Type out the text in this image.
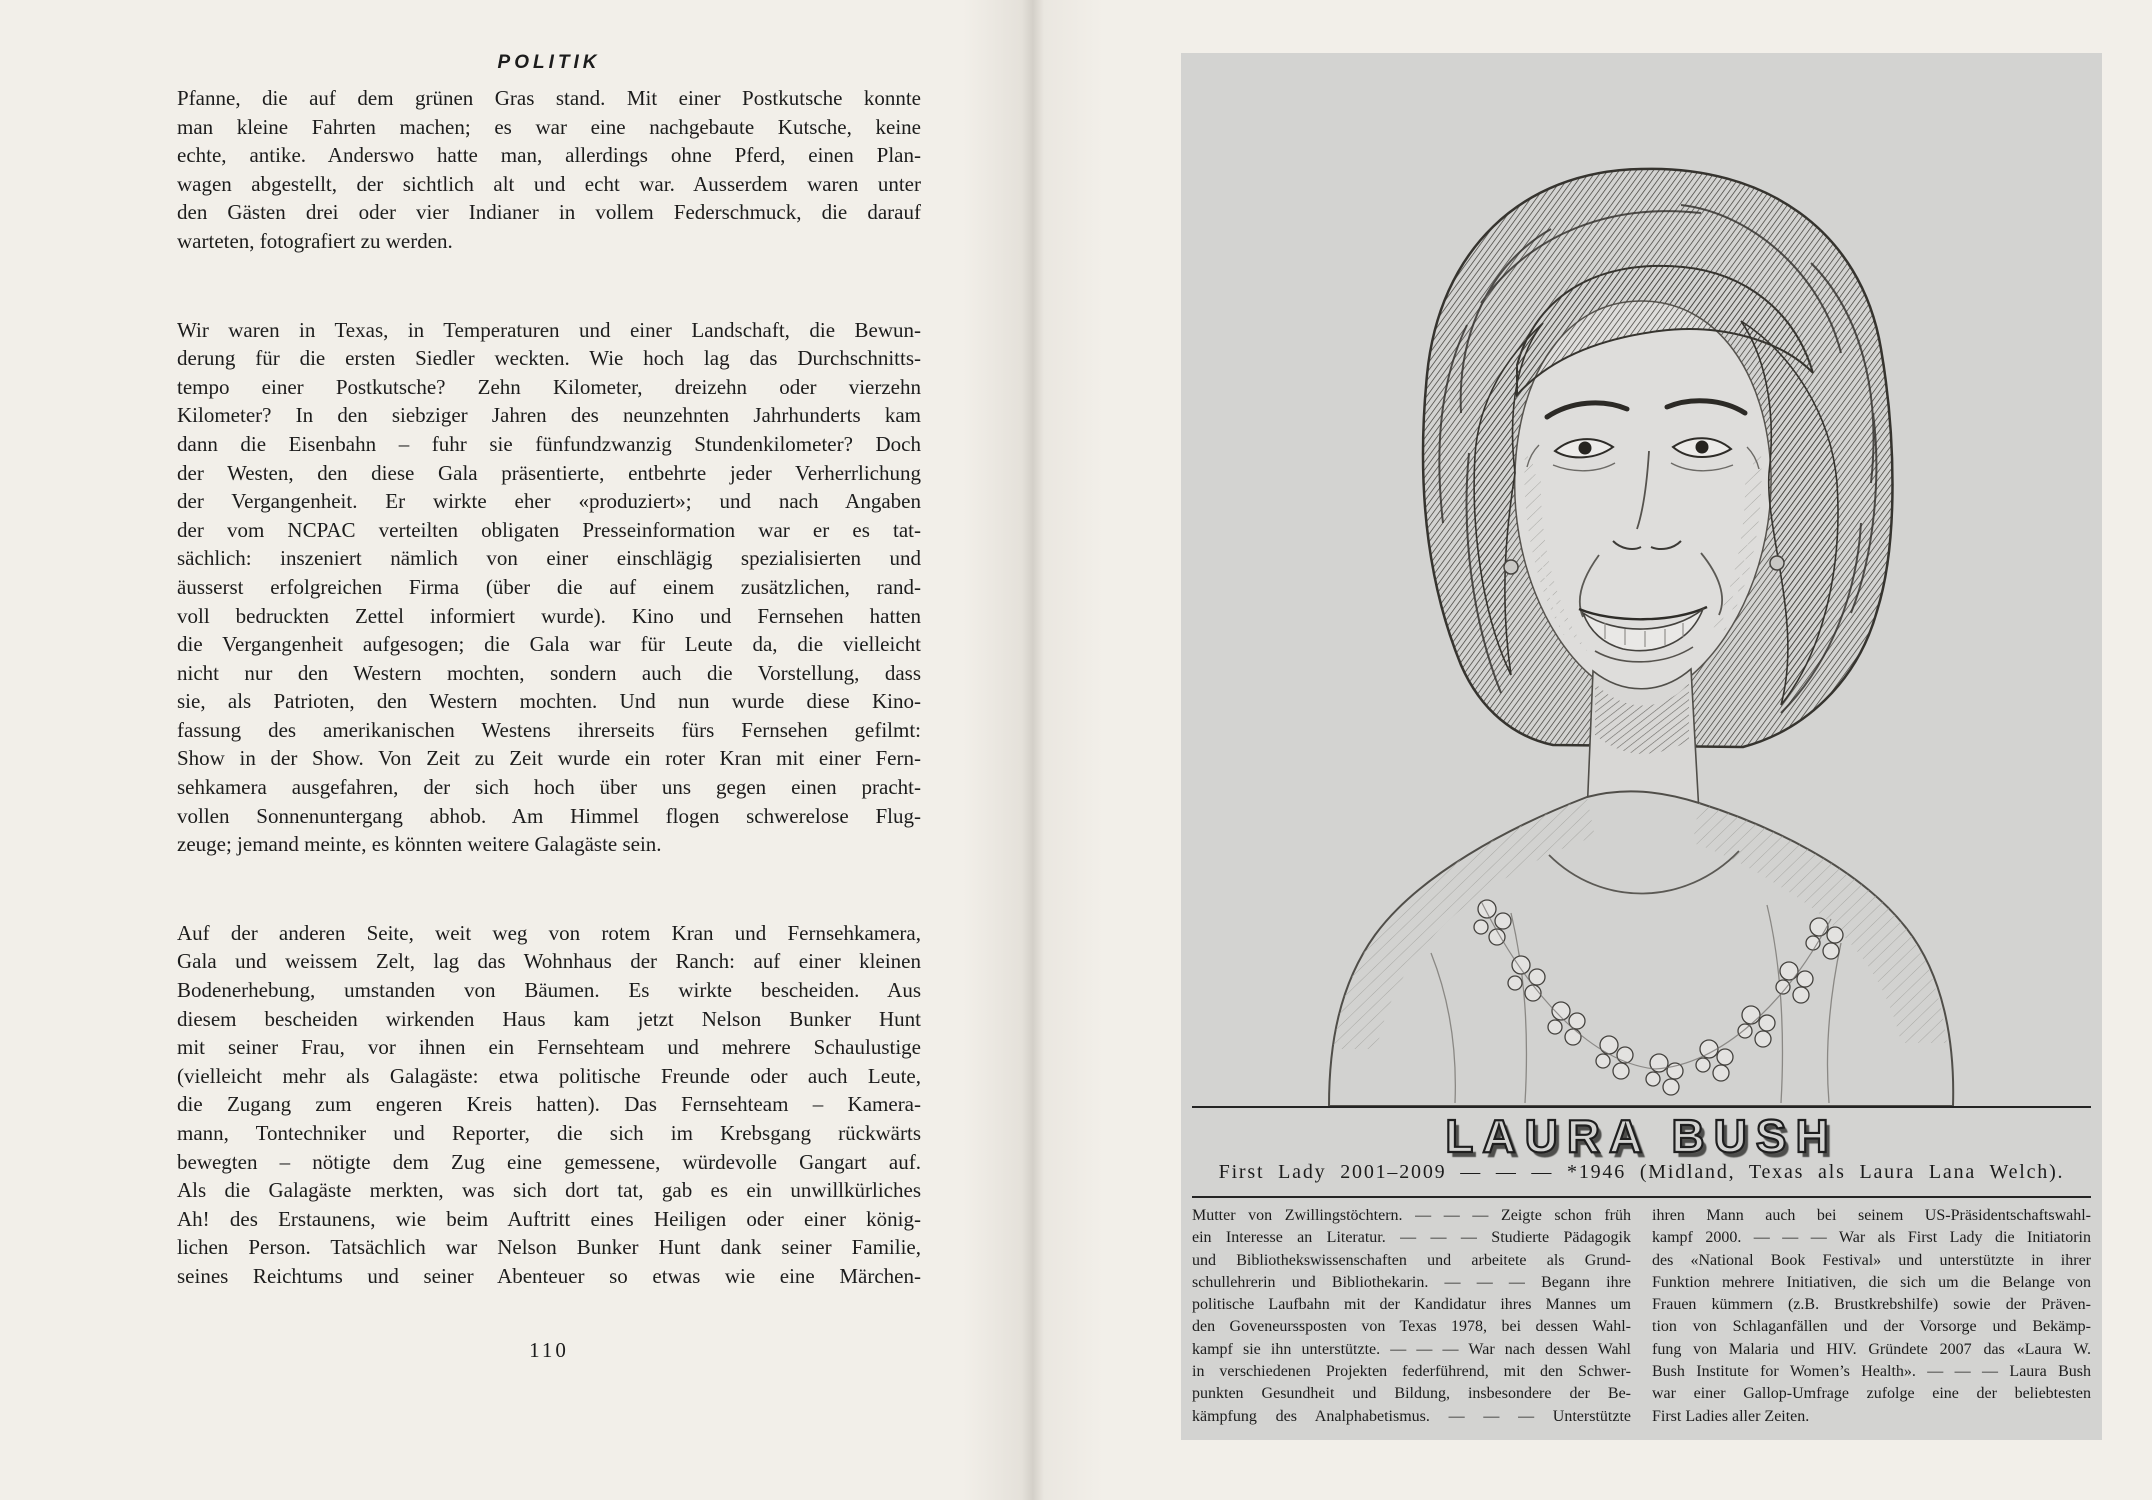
POLITIK
Pfanne, die auf dem grünen Gras stand. Mit einer Postkutsche konnte
man kleine Fahrten machen; es war eine nachgebaute Kutsche, keine
echte, antike. Anderswo hatte man, allerdings ohne Pferd, einen Plan-
wagen abgestellt, der sichtlich alt und echt war. Ausserdem waren unter
den Gästen drei oder vier Indianer in vollem Federschmuck, die darauf
warteten, fotografiert zu werden.
Wir waren in Texas, in Temperaturen und einer Landschaft, die Bewun-
derung für die ersten Siedler weckten. Wie hoch lag das Durchschnitts-
tempo einer Postkutsche? Zehn Kilometer, dreizehn oder vierzehn
Kilometer? In den siebziger Jahren des neunzehnten Jahrhunderts kam
dann die Eisenbahn – fuhr sie fünfundzwanzig Stundenkilometer? Doch
der Westen, den diese Gala präsentierte, entbehrte jeder Verherrlichung
der Vergangenheit. Er wirkte eher «produziert»; und nach Angaben
der vom NCPAC verteilten obligaten Presseinformation war er es tat-
sächlich: inszeniert nämlich von einer einschlägig spezialisierten und
äusserst erfolgreichen Firma (über die auf einem zusätzlichen, rand-
voll bedruckten Zettel informiert wurde). Kino und Fernsehen hatten
die Vergangenheit aufgesogen; die Gala war für Leute da, die vielleicht
nicht nur den Western mochten, sondern auch die Vorstellung, dass
sie, als Patrioten, den Western mochten. Und nun wurde diese Kino-
fassung des amerikanischen Westens ihrerseits fürs Fernsehen gefilmt:
Show in der Show. Von Zeit zu Zeit wurde ein roter Kran mit einer Fern-
sehkamera ausgefahren, der sich hoch über uns gegen einen pracht-
vollen Sonnenuntergang abhob. Am Himmel flogen schwerelose Flug-
zeuge; jemand meinte, es könnten weitere Galagäste sein.
Auf der anderen Seite, weit weg von rotem Kran und Fernsehkamera,
Gala und weissem Zelt, lag das Wohnhaus der Ranch: auf einer kleinen
Bodenerhebung, umstanden von Bäumen. Es wirkte bescheiden. Aus
diesem bescheiden wirkenden Haus kam jetzt Nelson Bunker Hunt
mit seiner Frau, vor ihnen ein Fernsehteam und mehrere Schaulustige
(vielleicht mehr als Galagäste: etwa politische Freunde oder auch Leute,
die Zugang zum engeren Kreis hatten). Das Fernsehteam – Kamera-
mann, Tontechniker und Reporter, die sich im Krebsgang rückwärts
bewegten – nötigte dem Zug eine gemessene, würdevolle Gangart auf.
Als die Galagäste merkten, was sich dort tat, gab es ein unwillkürliches
Ah! des Erstaunens, wie beim Auftritt eines Heiligen oder einer könig-
lichen Person. Tatsächlich war Nelson Bunker Hunt dank seiner Familie,
seines Reichtums und seiner Abenteuer so etwas wie eine Märchen-
110
LAURA BUSH
First Lady 2001–2009 — — — *1946 (Midland, Texas als Laura Lana Welch).
Mutter von Zwillingstöchtern. — — — Zeigte schon früh
ein Interesse an Literatur. — — — Studierte Pädagogik
und Bibliothekswissenschaften und arbeitete als Grund-
schullehrerin und Bibliothekarin. — — — Begann ihre
politische Laufbahn mit der Kandidatur ihres Mannes um
den Goveneurssposten von Texas 1978, bei dessen Wahl-
kampf sie ihn unterstützte. — — — War nach dessen Wahl
in verschiedenen Projekten federführend, mit den Schwer-
punkten Gesundheit und Bildung, insbesondere der Be-
kämpfung des Analphabetismus. — — — Unterstützte
ihren Mann auch bei seinem US-Präsidentschaftswahl-
kampf 2000. — — — War als First Lady die Initiatorin
des «National Book Festival» und unterstützte in ihrer
Funktion mehrere Initiativen, die sich um die Belange von
Frauen kümmern (z.B. Brustkrebshilfe) sowie der Präven-
tion von Schlaganfällen und der Vorsorge und Bekämp-
fung von Malaria und HIV. Gründete 2007 das «Laura W.
Bush Institute for Women’s Health». — — — Laura Bush
war einer Gallop-Umfrage zufolge eine der beliebtesten
First Ladies aller Zeiten.
